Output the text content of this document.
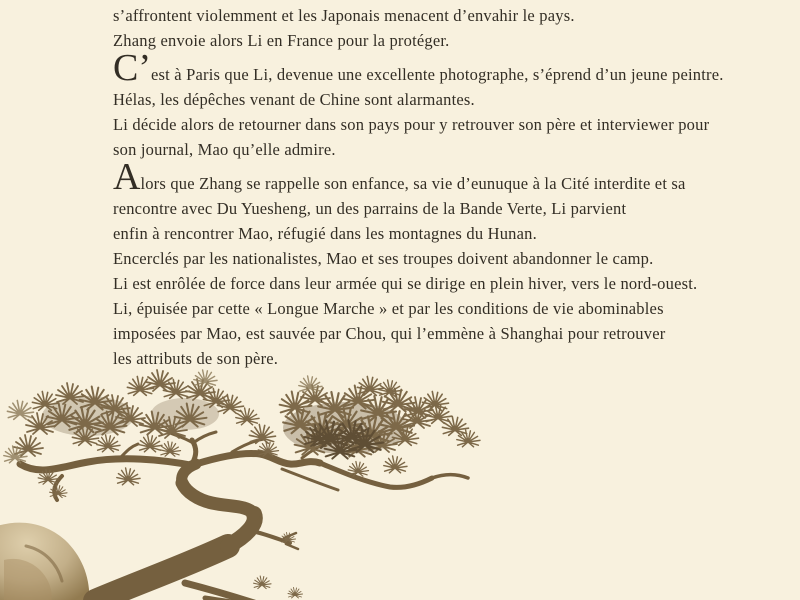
s’affrontent violemment et les Japonais menacent d’envahir le pays.
Zhang envoie alors Li en France pour la protéger.

C’est à Paris que Li, devenue une excellente photographe, s’éprend d’un jeune peintre.
Hélas, les dépêches venant de Chine sont alarmantes.
Li décide alors de retourner dans son pays pour y retrouver son père et interviewer pour
son journal, Mao qu’elle admire.

Alors que Zhang se rappelle son enfance, sa vie d’eunuque à la Cité interdite et sa
rencontre avec Du Yuesheng, un des parrains de la Bande Verte, Li parvient
enfin à rencontrer Mao, réfugié dans les montagnes du Hunan.
Encerclés par les nationalistes, Mao et ses troupes doivent abandonner le camp.
Li est enrôlée de force dans leur armée qui se dirige en plein hiver, vers le nord-ouest.
Li, épuisée par cette « Longue Marche » et par les conditions de vie abominables
imposées par Mao, est sauvée par Chou, qui l’emmène à Shanghai pour retrouver
les attributs de son père.
